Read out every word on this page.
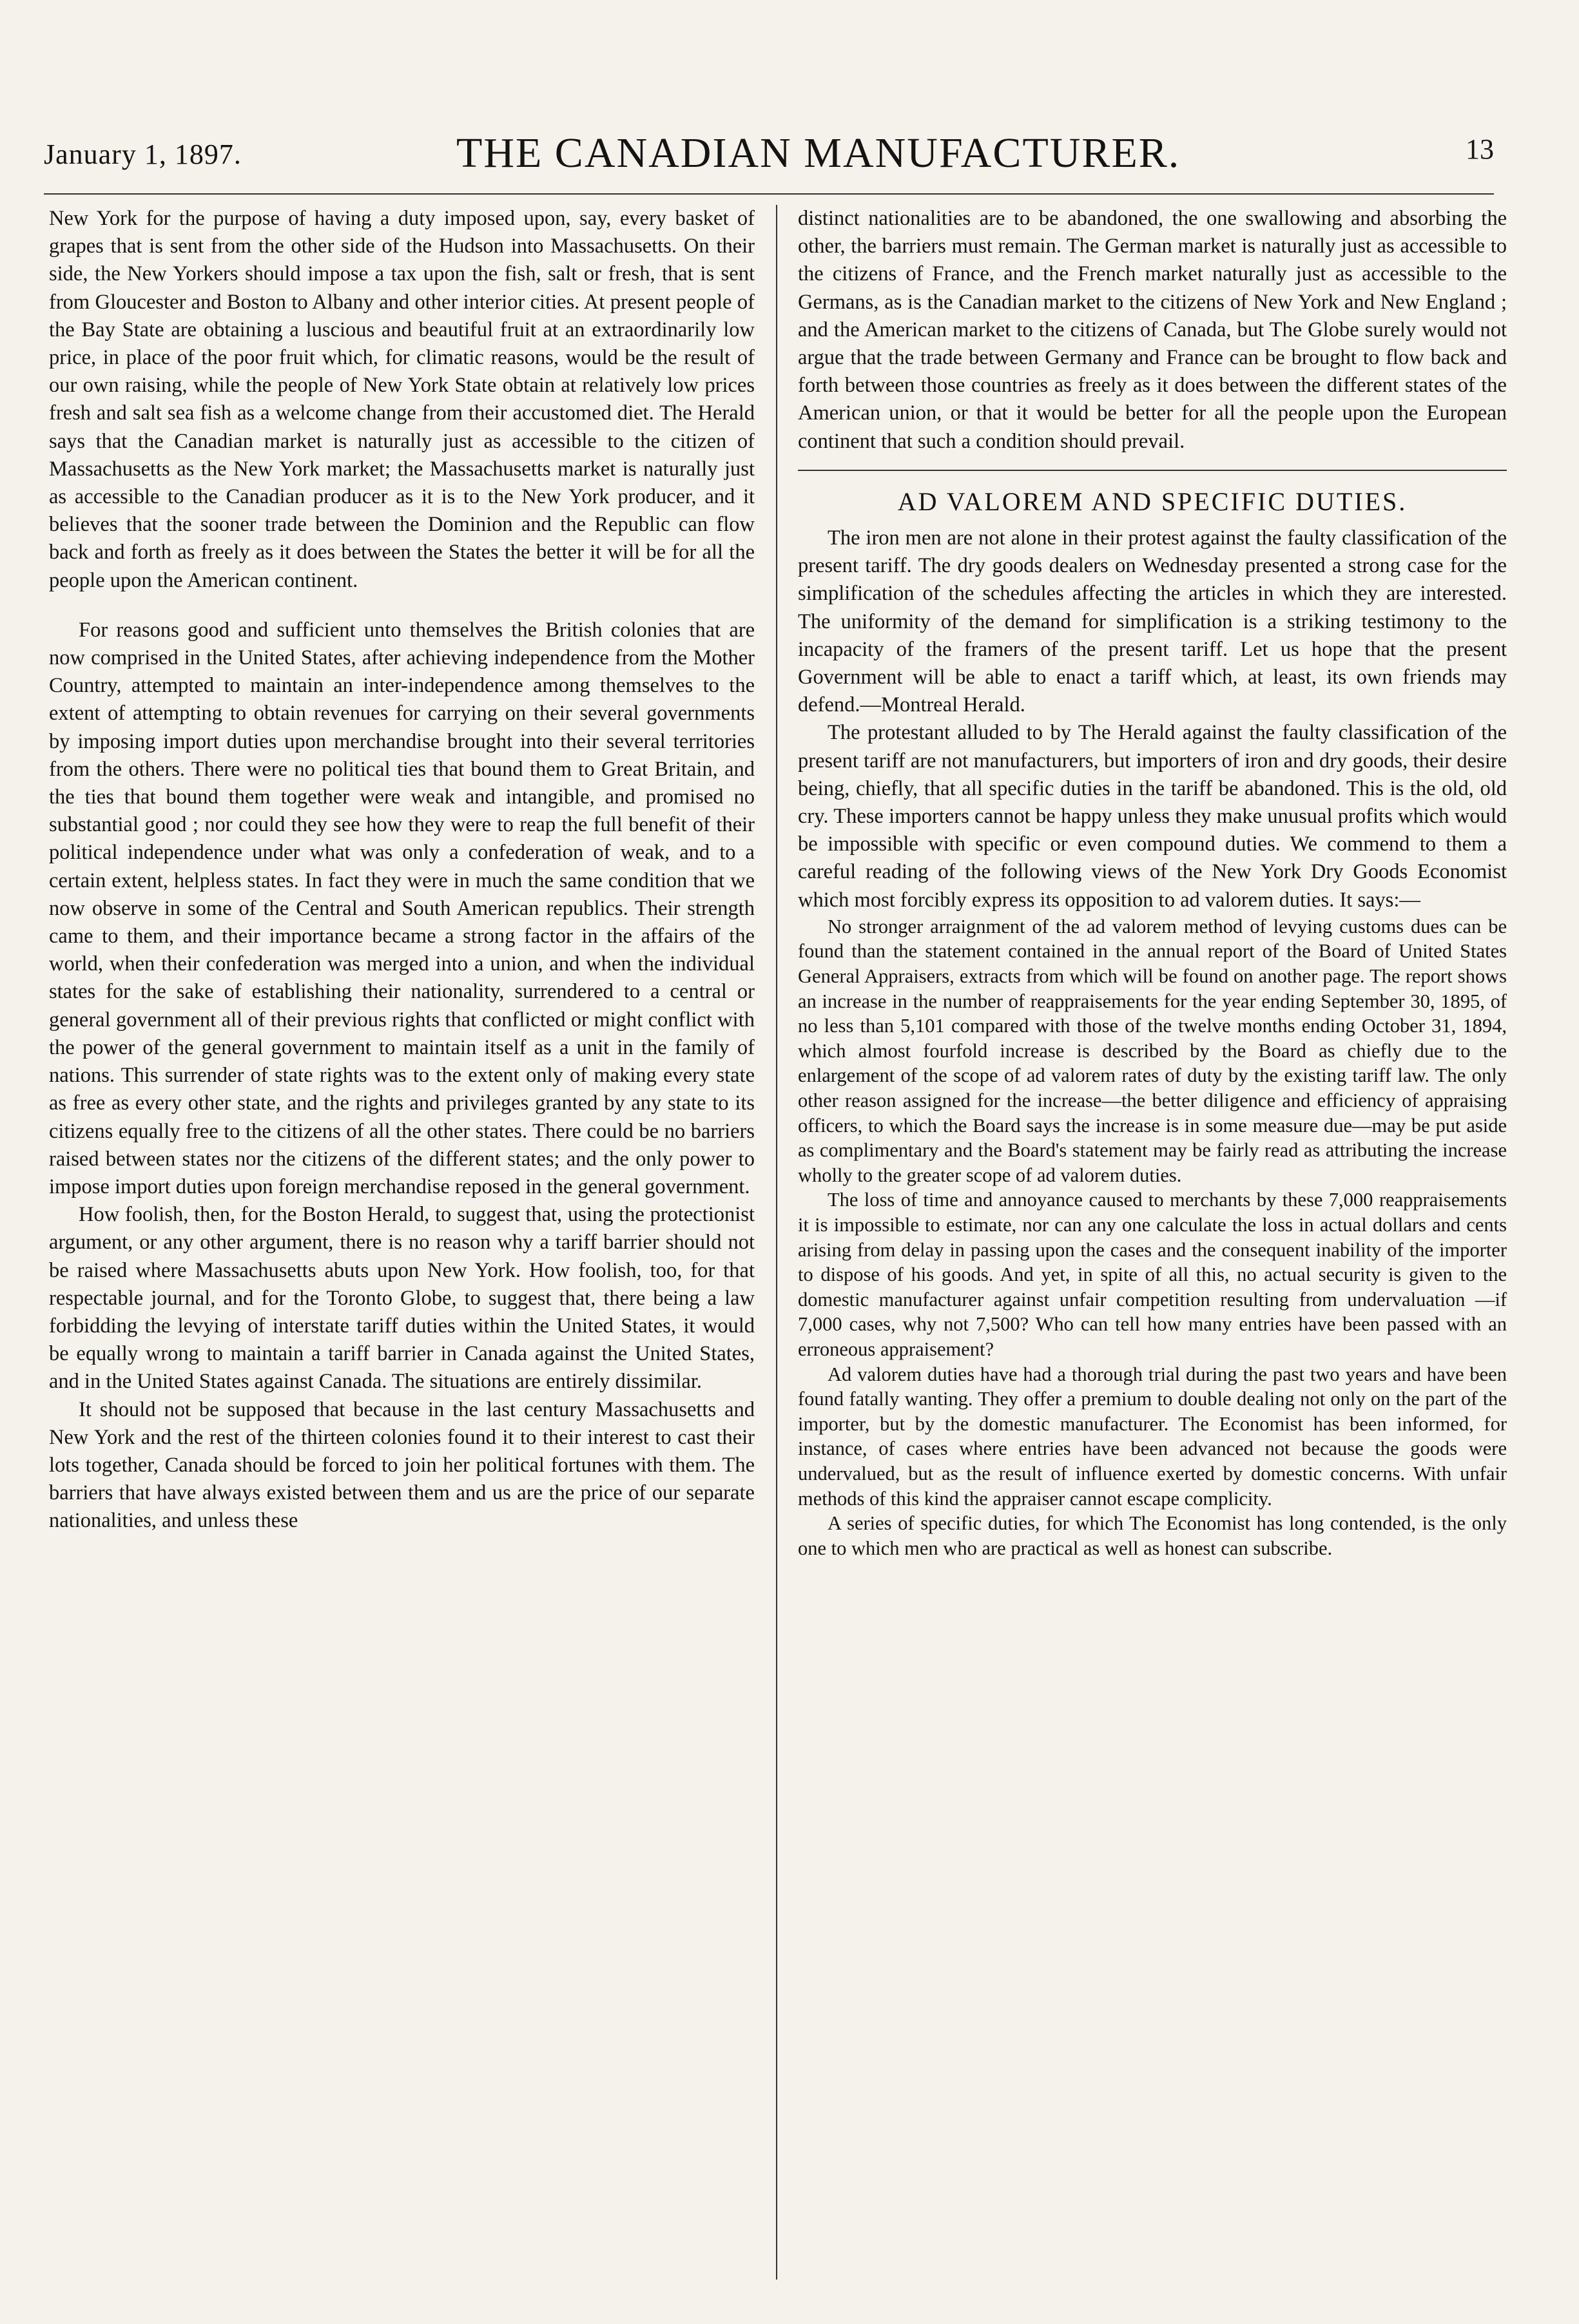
January 1, 1897.	THE CANADIAN MANUFACTURER.	13

New York for the purpose of having a duty imposed upon, say, every basket of grapes that is sent from the other side of the Hudson into Massachusetts. On their side, the New Yorkers should impose a tax upon the fish, salt or fresh, that is sent from Gloucester and Boston to Albany and other interior cities. At present people of the Bay State are obtaining a luscious and beautiful fruit at an extraordinarily low price, in place of the poor fruit which, for climatic reasons, would be the result of our own raising, while the people of New York State obtain at relatively low prices fresh and salt sea fish as a welcome change from their accustomed diet. The Herald says that the Canadian market is naturally just as accessible to the citizen of Massachusetts as the New York market; the Massachusetts market is naturally just as accessible to the Canadian producer as it is to the New York producer, and it believes that the sooner trade between the Dominion and the Republic can flow back and forth as freely as it does between the States the better it will be for all the people upon the American continent.

For reasons good and sufficient unto themselves the British colonies that are now comprised in the United States, after achieving independence from the Mother Country, attempted to maintain an inter-independence among themselves to the extent of attempting to obtain revenues for carrying on their several governments by imposing import duties upon merchandise brought into their several territories from the others. There were no political ties that bound them to Great Britain, and the ties that bound them together were weak and intangible, and promised no substantial good ; nor could they see how they were to reap the full benefit of their political independence under what was only a confederation of weak, and to a certain extent, helpless states. In fact they were in much the same condition that we now observe in some of the Central and South American republics. Their strength came to them, and their importance became a strong factor in the affairs of the world, when their confederation was merged into a union, and when the individual states for the sake of establishing their nationality, surrendered to a central or general government all of their previous rights that conflicted or might conflict with the power of the general government to maintain itself as a unit in the family of nations. This surrender of state rights was to the extent only of making every state as free as every other state, and the rights and privileges granted by any state to its citizens equally free to the citizens of all the other states. There could be no barriers raised between states nor the citizens of the different states; and the only power to impose import duties upon foreign merchandise reposed in the general government.

How foolish, then, for the Boston Herald, to suggest that, using the protectionist argument, or any other argument, there is no reason why a tariff barrier should not be raised where Massachusetts abuts upon New York. How foolish, too, for that respectable journal, and for the Toronto Globe, to suggest that, there being a law forbidding the levying of interstate tariff duties within the United States, it would be equally wrong to maintain a tariff barrier in Canada against the United States, and in the United States against Canada. The situations are entirely dissimilar.

It should not be supposed that because in the last century Massachusetts and New York and the rest of the thirteen colonies found it to their interest to cast their lots together, Canada should be forced to join her political fortunes with them. The barriers that have always existed between them and us are the price of our separate nationalities, and unless these

distinct nationalities are to be abandoned, the one swallowing and absorbing the other, the barriers must remain. The German market is naturally just as accessible to the citizens of France, and the French market naturally just as accessible to the Germans, as is the Canadian market to the citizens of New York and New England ; and the American market to the citizens of Canada, but The Globe surely would not argue that the trade between Germany and France can be brought to flow back and forth between those countries as freely as it does between the different states of the American union, or that it would be better for all the people upon the European continent that such a condition should prevail.

AD VALOREM AND SPECIFIC DUTIES.

The iron men are not alone in their protest against the faulty classification of the present tariff. The dry goods dealers on Wednesday presented a strong case for the simplification of the schedules affecting the articles in which they are interested. The uniformity of the demand for simplification is a striking testimony to the incapacity of the framers of the present tariff. Let us hope that the present Government will be able to enact a tariff which, at least, its own friends may defend.—Montreal Herald.

The protestant alluded to by The Herald against the faulty classification of the present tariff are not manufacturers, but importers of iron and dry goods, their desire being, chiefly, that all specific duties in the tariff be abandoned. This is the old, old cry. These importers cannot be happy unless they make unusual profits which would be impossible with specific or even compound duties. We commend to them a careful reading of the following views of the New York Dry Goods Economist which most forcibly express its opposition to ad valorem duties. It says:—

No stronger arraignment of the ad valorem method of levying customs dues can be found than the statement contained in the annual report of the Board of United States General Appraisers, extracts from which will be found on another page. The report shows an increase in the number of reappraisements for the year ending September 30, 1895, of no less than 5,101 compared with those of the twelve months ending October 31, 1894, which almost fourfold increase is described by the Board as chiefly due to the enlargement of the scope of ad valorem rates of duty by the existing tariff law. The only other reason assigned for the increase—the better diligence and efficiency of appraising officers, to which the Board says the increase is in some measure due—may be put aside as complimentary and the Board's statement may be fairly read as attributing the increase wholly to the greater scope of ad valorem duties.

The loss of time and annoyance caused to merchants by these 7,000 reappraisements it is impossible to estimate, nor can any one calculate the loss in actual dollars and cents arising from delay in passing upon the cases and the consequent inability of the importer to dispose of his goods. And yet, in spite of all this, no actual security is given to the domestic manufacturer against unfair competition resulting from undervaluation —if 7,000 cases, why not 7,500? Who can tell how many entries have been passed with an erroneous appraisement?

Ad valorem duties have had a thorough trial during the past two years and have been found fatally wanting. They offer a premium to double dealing not only on the part of the importer, but by the domestic manufacturer. The Economist has been informed, for instance, of cases where entries have been advanced not because the goods were undervalued, but as the result of influence exerted by domestic concerns. With unfair methods of this kind the appraiser cannot escape complicity.

A series of specific duties, for which The Economist has long contended, is the only one to which men who are practical as well as honest can subscribe.
